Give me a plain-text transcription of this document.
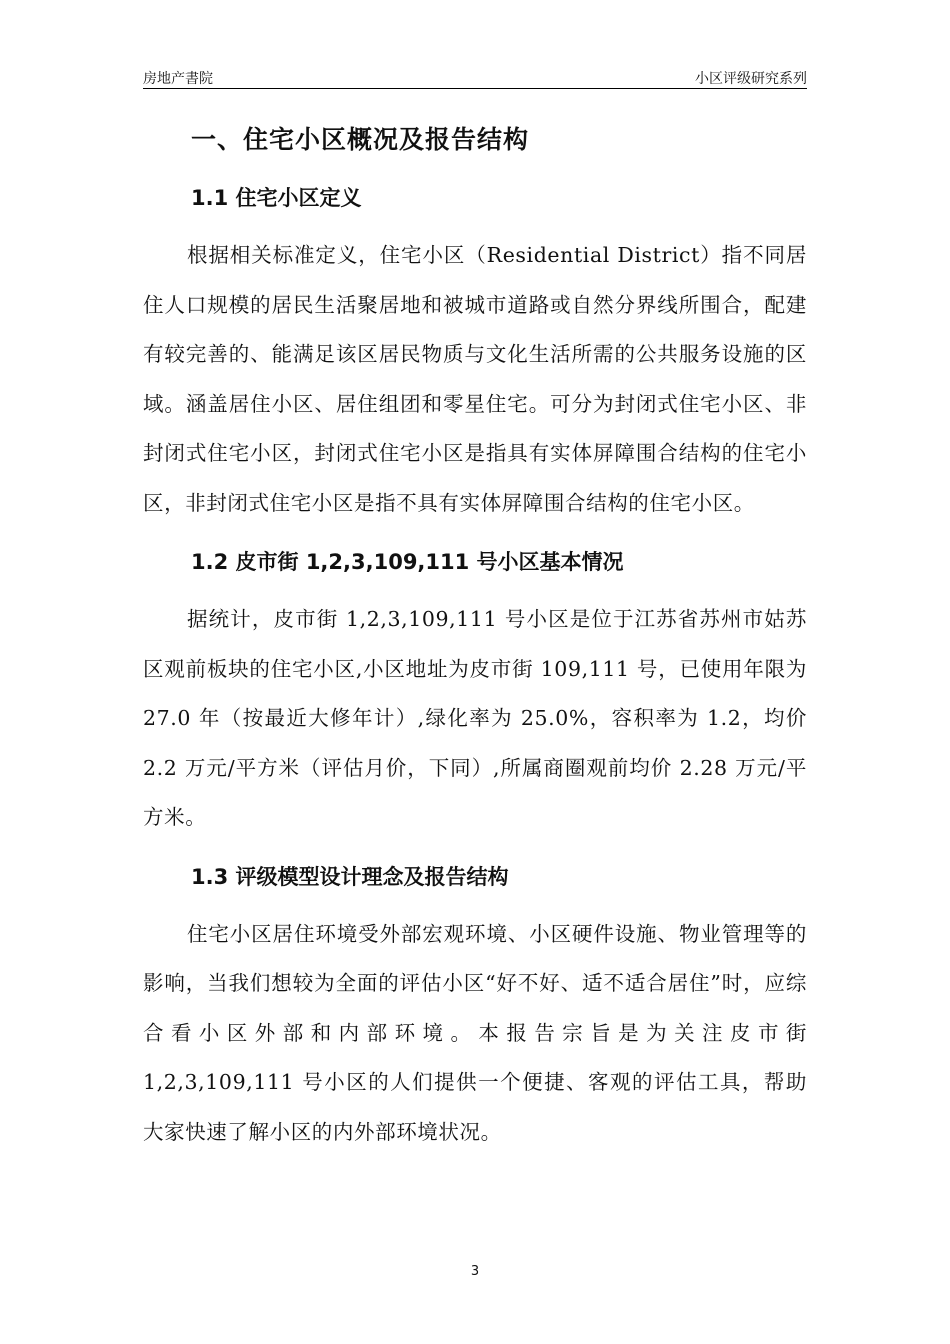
房地产書院	小区评级研究系列
一、住宅小区概况及报告结构
1.1 住宅小区定义

根据相关标准定义，住宅小区（Residential District）指不同居住人口规模的居民生活聚居地和被城市道路或自然分界线所围合，配建有较完善的、能满足该区居民物质与文化生活所需的公共服务设施的区域。涵盖居住小区、居住组团和零星住宅。可分为封闭式住宅小区、非封闭式住宅小区，封闭式住宅小区是指具有实体屏障围合结构的住宅小区，非封闭式住宅小区是指不具有实体屏障围合结构的住宅小区。

1.2 皮市街 1,2,3,109,111 号小区基本情况

据统计，皮市街 1,2,3,109,111 号小区是位于江苏省苏州市姑苏区观前板块的住宅小区,小区地址为皮市街 109,111 号，已使用年限为 27.0 年（按最近大修年计）,绿化率为 25.0%，容积率为 1.2，均价 2.2 万元/平方米（评估月价，下同）,所属商圈观前均价 2.28 万元/平方米。

1.3 评级模型设计理念及报告结构

住宅小区居住环境受外部宏观环境、小区硬件设施、物业管理等的影响，当我们想较为全面的评估小区“好不好、适不适合居住”时，应综合看小区外部和内部环境。本报告宗旨是为关注皮市街 1,2,3,109,111 号小区的人们提供一个便捷、客观的评估工具，帮助大家快速了解小区的内外部环境状况。

3
